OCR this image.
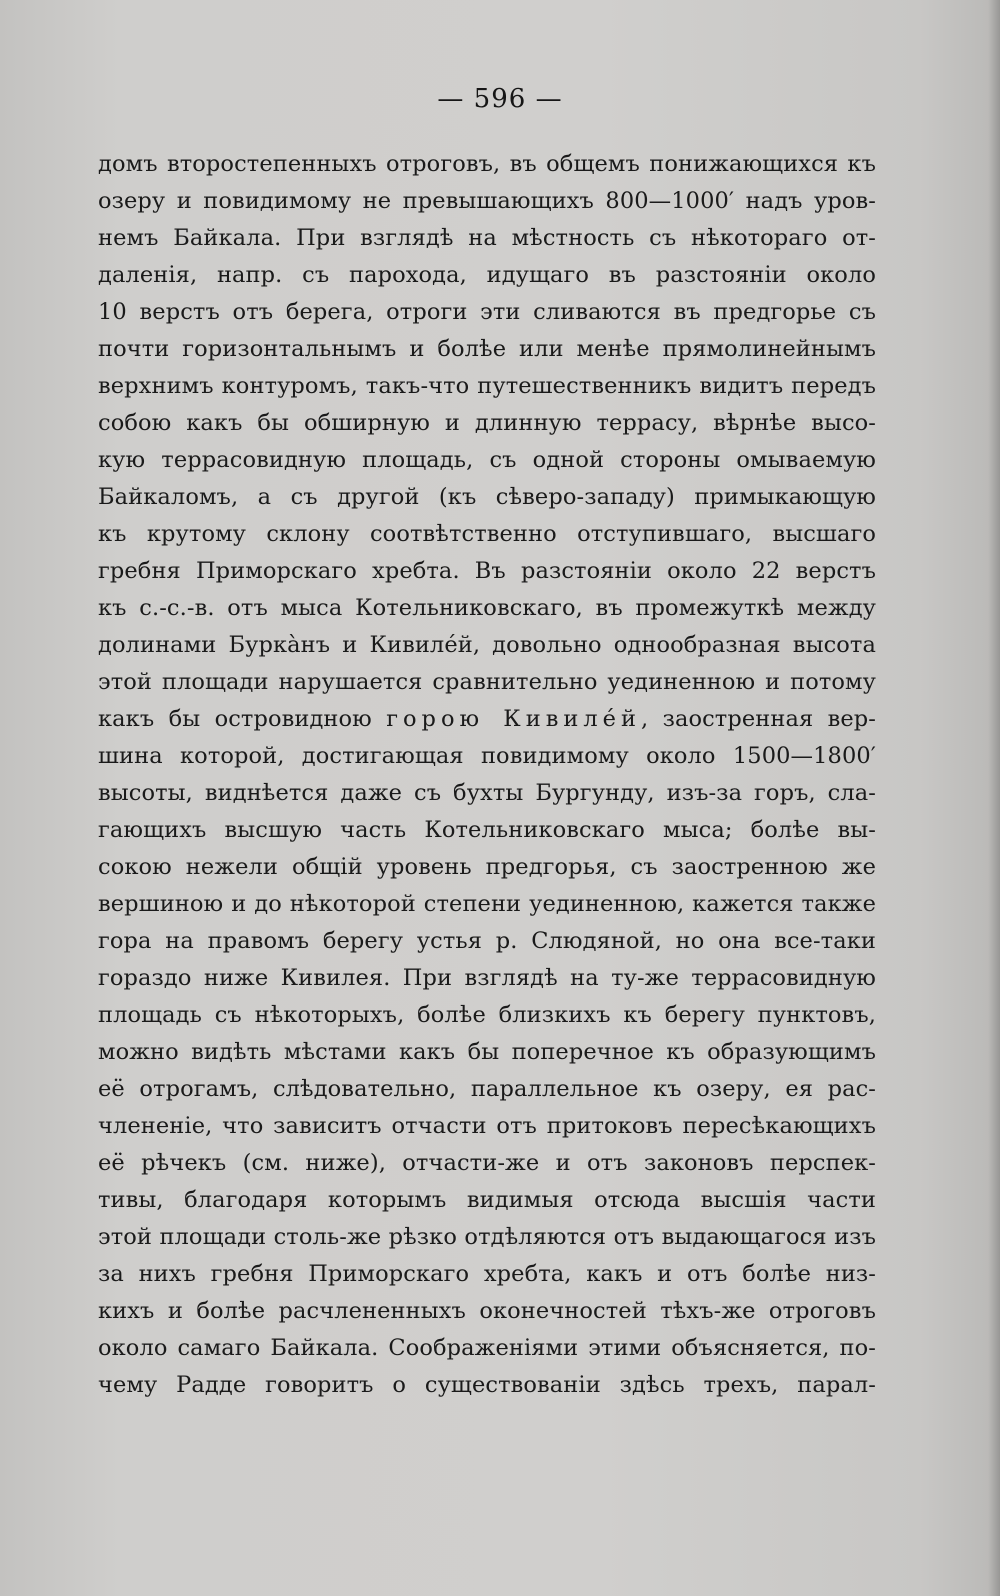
— 596 —
домъ второстепенныхъ отроговъ, въ общемъ понижающихся къ
озеру и повидимому не превышающихъ 800—1000′ надъ уров-
немъ Байкала. При взглядѣ на мѣстность съ нѣкотораго от-
даленія, напр. съ парохода, идущаго въ разстояніи около
10 верстъ отъ берега, отроги эти сливаются въ предгорье съ
почти горизонтальнымъ и болѣе или менѣе прямолинейнымъ
верхнимъ контуромъ, такъ-что путешественникъ видитъ передъ
собою какъ бы обширную и длинную террасу, вѣрнѣе высо-
кую террасовидную площадь, съ одной стороны омываемую
Байкаломъ, а съ другой (къ сѣверо-западу) примыкающую
къ крутому склону соотвѣтственно отступившаго, высшаго
гребня Приморскаго хребта. Въ разстояніи около 22 верстъ
къ с.-с.-в. отъ мыса Котельниковскаго, въ промежуткѣ между
долинами Буркàнъ и Кивилéй, довольно однообразная высота
этой площади нарушается сравнительно уединенною и потому
какъ бы островидною горою Кивилéй, заостренная вер-
шина которой, достигающая повидимому около 1500—1800′
высоты, виднѣется даже съ бухты Бургунду, изъ-за горъ, сла-
гающихъ высшую часть Котельниковскаго мыса; болѣе вы-
сокою нежели общій уровень предгорья, съ заостренною же
вершиною и до нѣкоторой степени уединенною, кажется также
гора на правомъ берегу устья р. Слюдяной, но она все-таки
гораздо ниже Кивилея. При взглядѣ на ту-же террасовидную
площадь съ нѣкоторыхъ, болѣе близкихъ къ берегу пунктовъ,
можно видѣть мѣстами какъ бы поперечное къ образующимъ
её отрогамъ, слѣдовательно, параллельное къ озеру, ея рас-
члененіе, что зависитъ отчасти отъ притоковъ пересѣкающихъ
её рѣчекъ (см. ниже), отчасти-же и отъ законовъ перспек-
тивы, благодаря которымъ видимыя отсюда высшія части
этой площади столь-же рѣзко отдѣляются отъ выдающагося изъ
за нихъ гребня Приморскаго хребта, какъ и отъ болѣе низ-
кихъ и болѣе расчлененныхъ оконечностей тѣхъ-же отроговъ
около самаго Байкала. Соображеніями этими объясняется, по-
чему Радде говоритъ о существованіи здѣсь трехъ, парал-
